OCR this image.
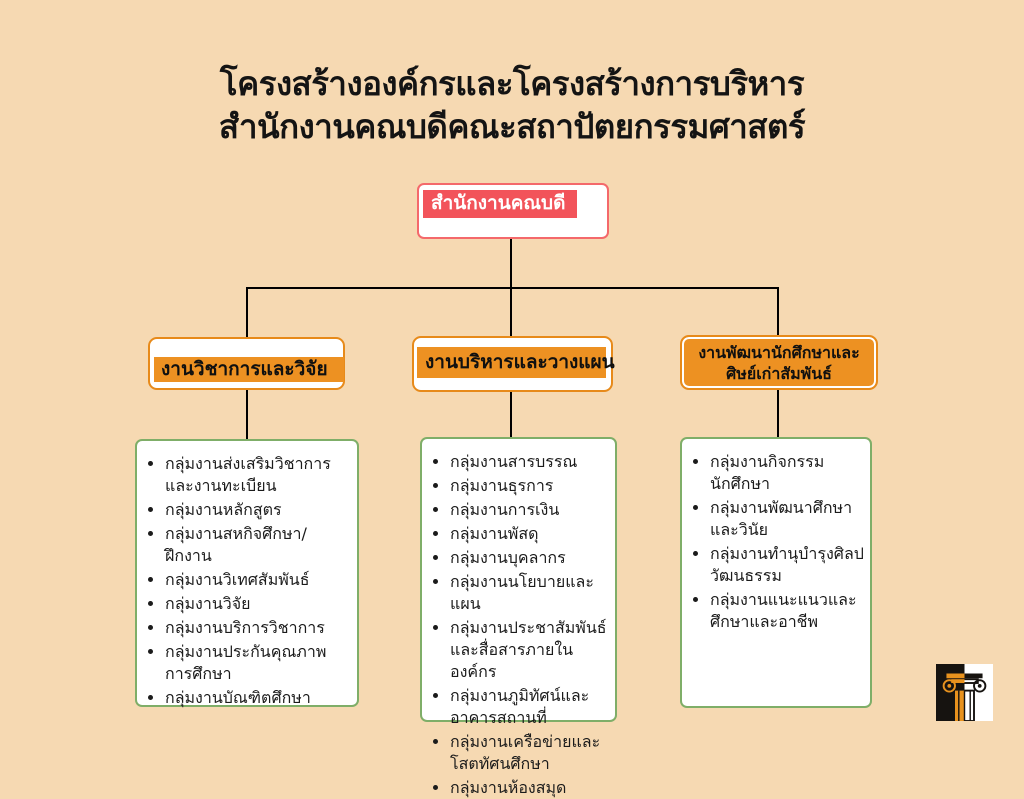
โครงสร้างองค์กรและโครงสร้างการบริหาร
สำนักงานคณบดีคณะสถาปัตยกรรมศาสตร์
สำนักงานคณบดี
งานวิชาการและวิจัย	งานบริหารและวางแผน	งานพัฒนานักศึกษาและศิษย์เก่าสัมพันธ์
• กลุ่มงานส่งเสริมวิชาการและงานทะเบียน
• กลุ่มงานหลักสูตร
• กลุ่มงานสหกิจศึกษา/ฝึกงาน
• กลุ่มงานวิเทศสัมพันธ์
• กลุ่มงานวิจัย
• กลุ่มงานบริการวิชาการ
• กลุ่มงานประกันคุณภาพการศึกษา
• กลุ่มงานบัณฑิตศึกษา
• กลุ่มงานสารบรรณ
• กลุ่มงานธุรการ
• กลุ่มงานการเงิน
• กลุ่มงานพัสดุ
• กลุ่มงานบุคลากร
• กลุ่มงานนโยบายและแผน
• กลุ่มงานประชาสัมพันธ์และสื่อสารภายในองค์กร
• กลุ่มงานภูมิทัศน์และอาคารสถานที่
• กลุ่มงานเครือข่ายและโสตทัศนศึกษา
• กลุ่มงานห้องสมุด
• กลุ่มงานกิจกรรมนักศึกษา
• กลุ่มงานพัฒนาศึกษาและวินัย
• กลุ่มงานทำนุบำรุงศิลปวัฒนธรรม
• กลุ่มงานแนะแนวและศึกษาและอาชีพ
